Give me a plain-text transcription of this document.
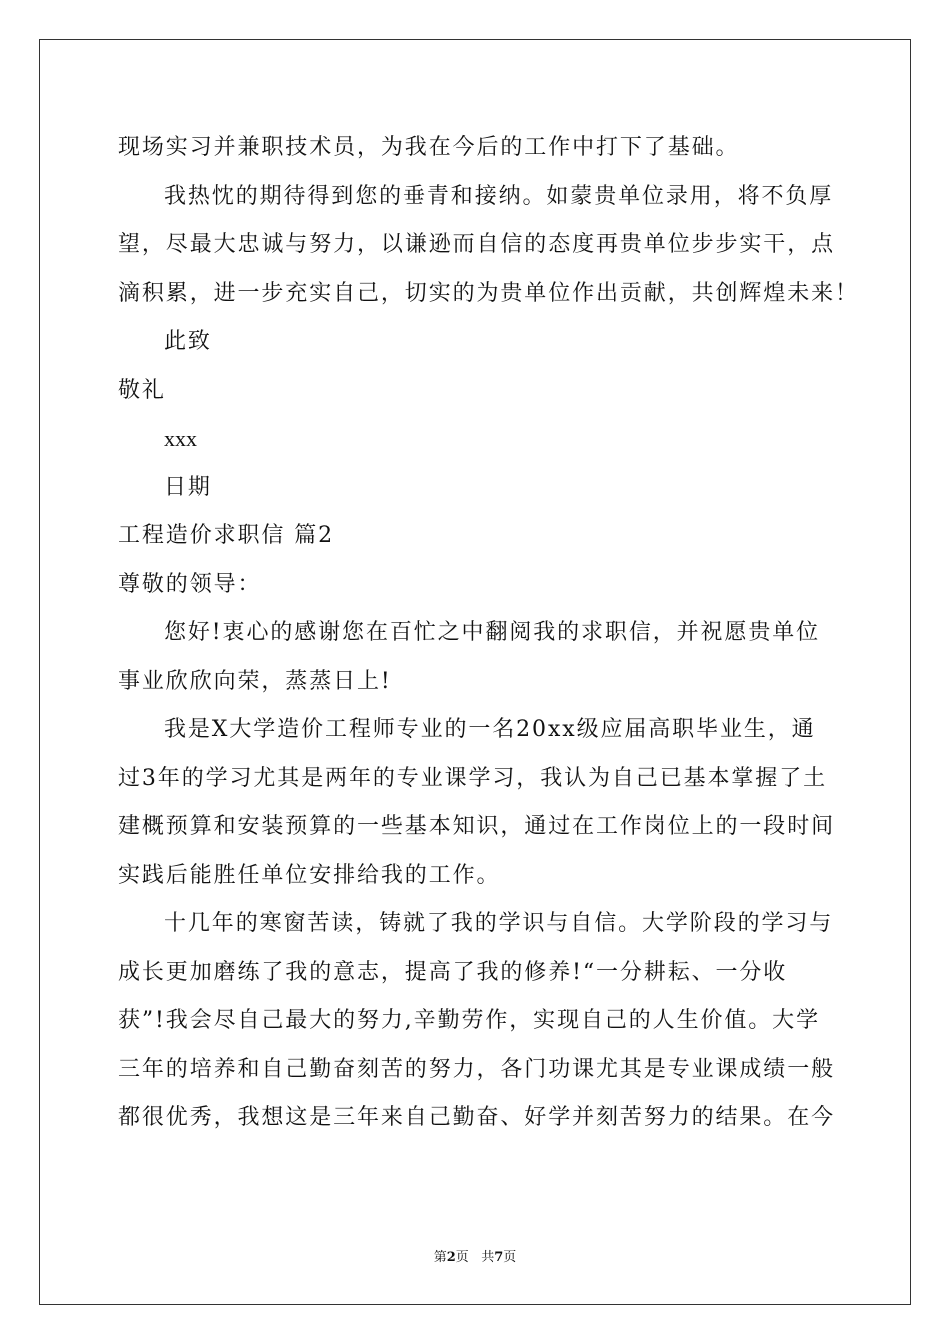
现场实习并兼职技术员，为我在今后的工作中打下了基础。
我热忱的期待得到您的垂青和接纳。如蒙贵单位录用，将不负厚
望，尽最大忠诚与努力，以谦逊而自信的态度再贵单位步步实干，点
滴积累，进一步充实自己，切实的为贵单位作出贡献，共创辉煌未来！
此致
敬礼
xxx
日期
工程造价求职信 篇2
尊敬的领导：
您好!衷心的感谢您在百忙之中翻阅我的求职信，并祝愿贵单位
事业欣欣向荣，蒸蒸日上!
我是X大学造价工程师专业的一名20xx级应届高职毕业生，通
过3年的学习尤其是两年的专业课学习，我认为自己已基本掌握了土
建概预算和安装预算的一些基本知识，通过在工作岗位上的一段时间
实践后能胜任单位安排给我的工作。
十几年的寒窗苦读，铸就了我的学识与自信。大学阶段的学习与
成长更加磨练了我的意志，提高了我的修养!“一分耕耘、一分收
获”!我会尽自己最大的努力,辛勤劳作，实现自己的人生价值。大学
三年的培养和自己勤奋刻苦的努力，各门功课尤其是专业课成绩一般
都很优秀，我想这是三年来自己勤奋、好学并刻苦努力的结果。在今
第2页 共7页
